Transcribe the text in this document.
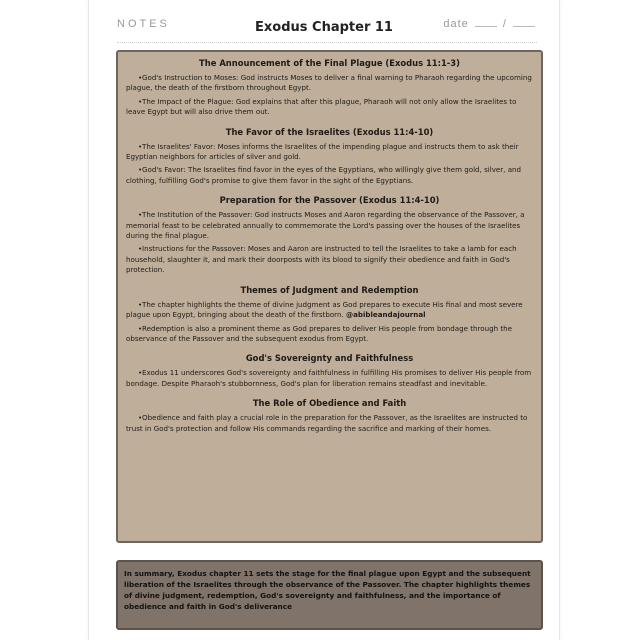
NOTES	Exodus Chapter 11	date	/
The Announcement of the Final Plague (Exodus 11:1-3)

•God's Instruction to Moses: God instructs Moses to deliver a final warning to Pharaoh regarding the upcoming plague, the death of the firstborn throughout Egypt.

•The Impact of the Plague: God explains that after this plague, Pharaoh will not only allow the Israelites to leave Egypt but will also drive them out.

The Favor of the Israelites (Exodus 11:4-10)

•The Israelites' Favor: Moses informs the Israelites of the impending plague and instructs them to ask their Egyptian neighbors for articles of silver and gold.

•God's Favor: The Israelites find favor in the eyes of the Egyptians, who willingly give them gold, silver, and clothing, fulfilling God's promise to give them favor in the sight of the Egyptians.

Preparation for the Passover (Exodus 11:4-10)

•The Institution of the Passover: God instructs Moses and Aaron regarding the observance of the Passover, a memorial feast to be celebrated annually to commemorate the Lord's passing over the houses of the Israelites during the final plague.

•Instructions for the Passover: Moses and Aaron are instructed to tell the Israelites to take a lamb for each household, slaughter it, and mark their doorposts with its blood to signify their obedience and faith in God's protection.

Themes of Judgment and Redemption

•The chapter highlights the theme of divine judgment as God prepares to execute His final and most severe plague upon Egypt, bringing about the death of the firstborn. @abibleandajournal

•Redemption is also a prominent theme as God prepares to deliver His people from bondage through the observance of the Passover and the subsequent exodus from Egypt.

God's Sovereignty and Faithfulness

•Exodus 11 underscores God's sovereignty and faithfulness in fulfilling His promises to deliver His people from bondage. Despite Pharaoh's stubbornness, God's plan for liberation remains steadfast and inevitable.

The Role of Obedience and Faith

•Obedience and faith play a crucial role in the preparation for the Passover, as the Israelites are instructed to trust in God's protection and follow His commands regarding the sacrifice and marking of their homes.

In summary, Exodus chapter 11 sets the stage for the final plague upon Egypt and the subsequent liberation of the Israelites through the observance of the Passover. The chapter highlights themes of divine judgment, redemption, God's sovereignty and faithfulness, and the importance of obedience and faith in God's deliverance
